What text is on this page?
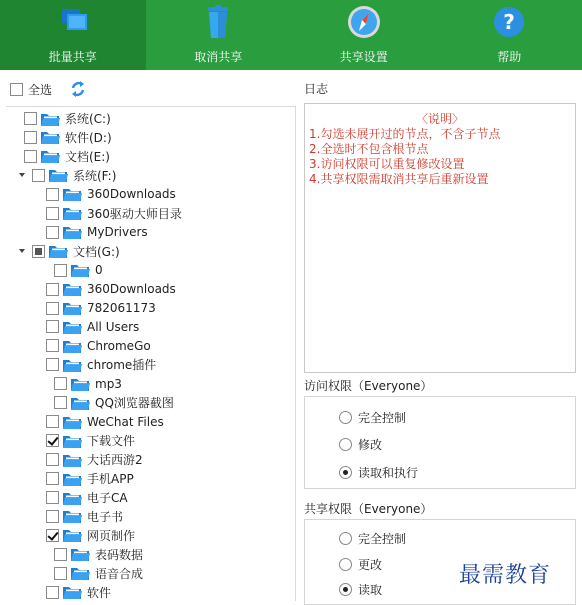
批量共享	取消共享	共享设置
?
帮助
全选
系统(C:)
软件(D:)
文档(E:)
系统(F:)
360Downloads
360驱动大师目录
MyDrivers
文档(G:)
0
360Downloads
782061173
All Users
ChromeGo
chrome插件
mp3
QQ浏览器截图
WeChat Files
下载文件
大话西游2
手机APP
电子CA
电子书
网页制作
表码数据
语音合成
软件
日志
〈说明〉
1.勾选未展开过的节点，不含子节点
2.全选时不包含根节点
3.访问权限可以重复修改设置
4.共享权限需取消共享后重新设置
访问权限（Everyone）
完全控制
修改
读取和执行
共享权限（Everyone）
完全控制
更改
读取
最需教育
